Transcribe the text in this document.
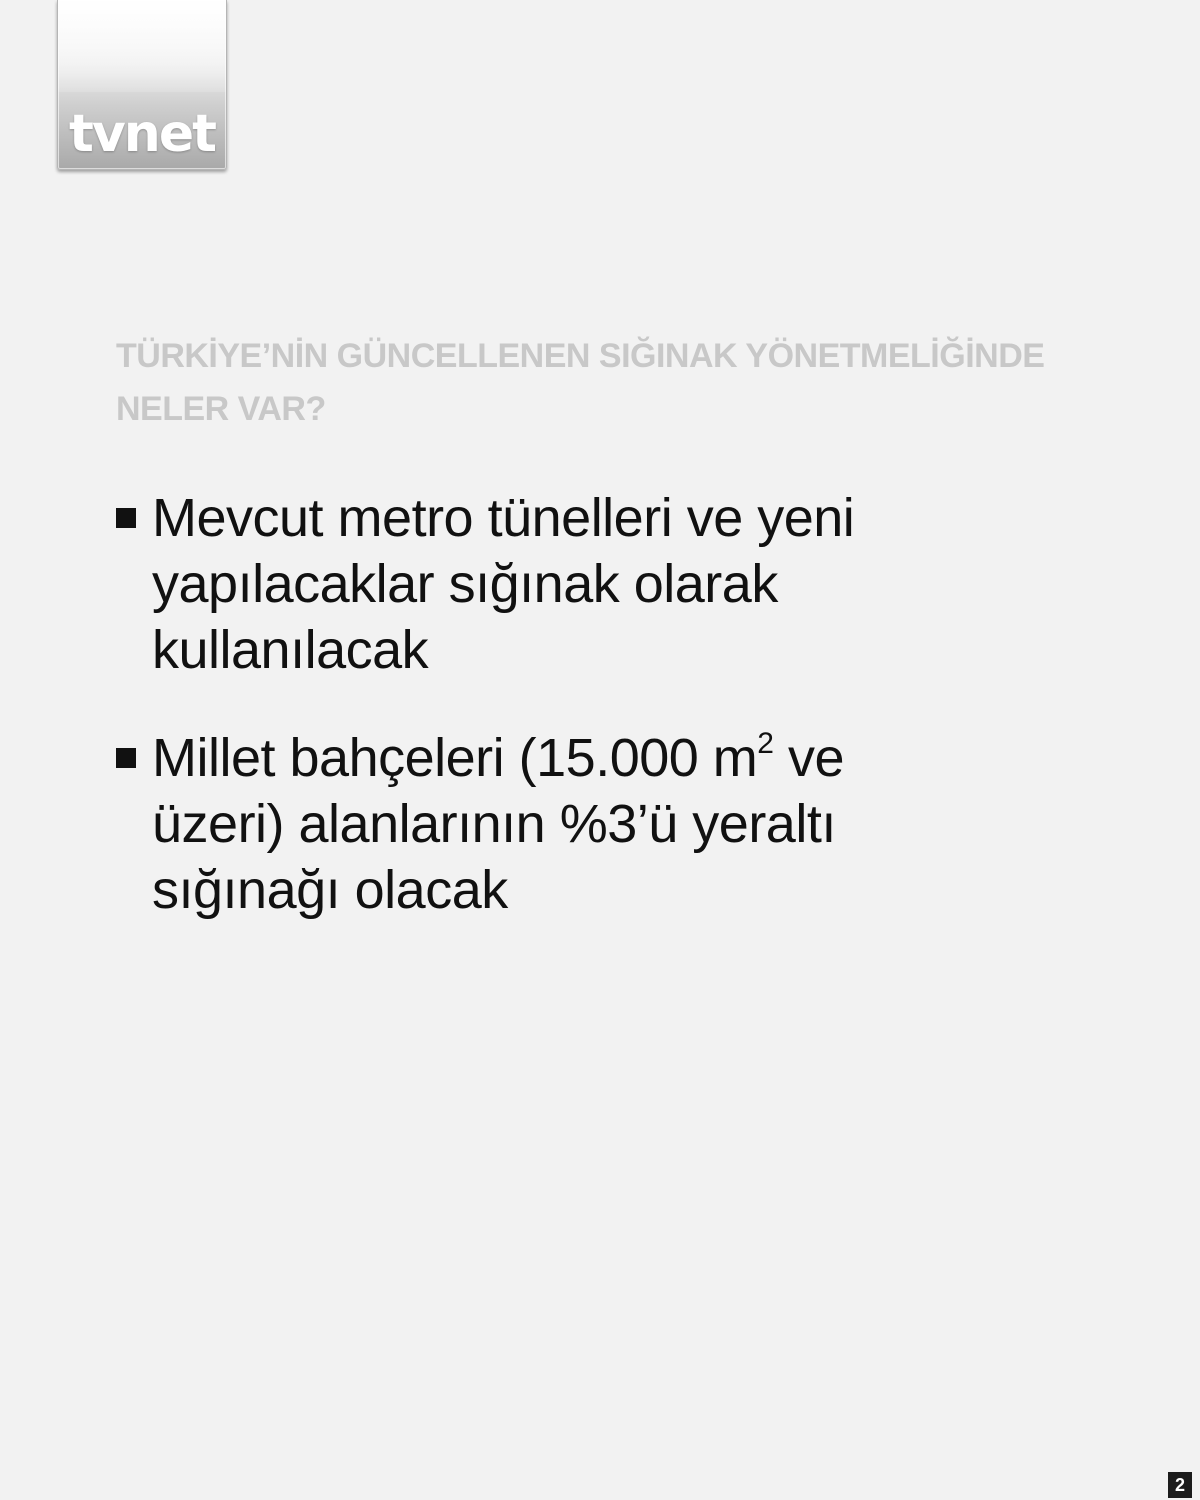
tvnet
TÜRKİYE’NİN GÜNCELLENEN SIĞINAK YÖNETMELİĞİNDE
NELER VAR?
Mevcut metro tünelleri ve yeni yapılacaklar sığınak olarak kullanılacak
Millet bahçeleri (15.000 $m^2$ ve üzeri) alanlarının %3’ü yeraltı sığınağı olacak
2
